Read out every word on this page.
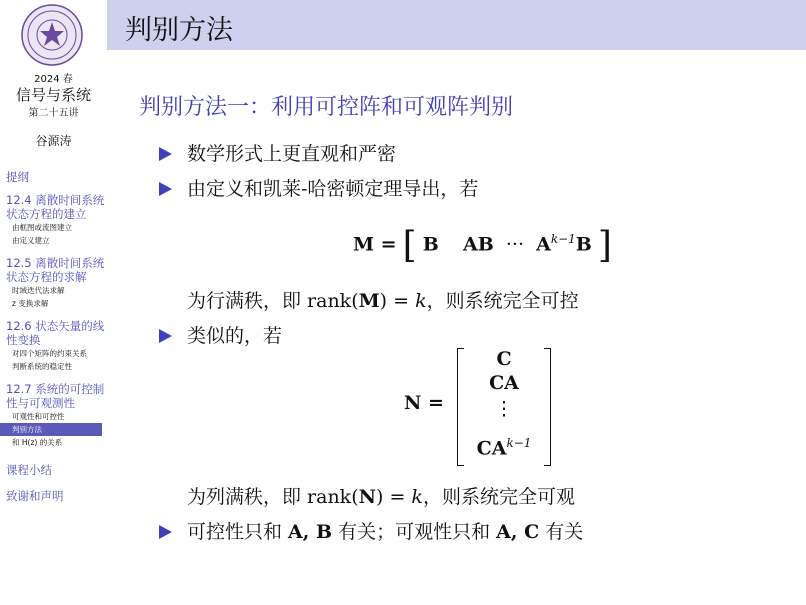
2024 春
信号与系统
第二十五讲
谷源涛
提纲
12.4 离散时间系统状态方程的建立
由框图或流图建立
由定义建立
12.5 离散时间系统状态方程的求解
时域迭代法求解
z 变换求解
12.6 状态矢量的线性变换
对四个矩阵的约束关系
判断系统的稳定性
12.7 系统的可控制性与可观测性
可观性和可控性
判别方法
和 H(z) 的关系
课程小结
致谢和声明
判别方法
判别方法一：利用可控阵和可观阵判别
数学形式上更直观和严密
由定义和凯莱-哈密顿定理导出，若
M = [ B AB ··· $A^{k-1}B$ ]
为行满秩，即 rank(M) = k，则系统完全可控
类似的，若
N =
C
CA
⋮
$CA^{k-1}$
为列满秩，即 rank(N) = k，则系统完全可观
可控性只和 A, B 有关；可观性只和 A, C 有关
